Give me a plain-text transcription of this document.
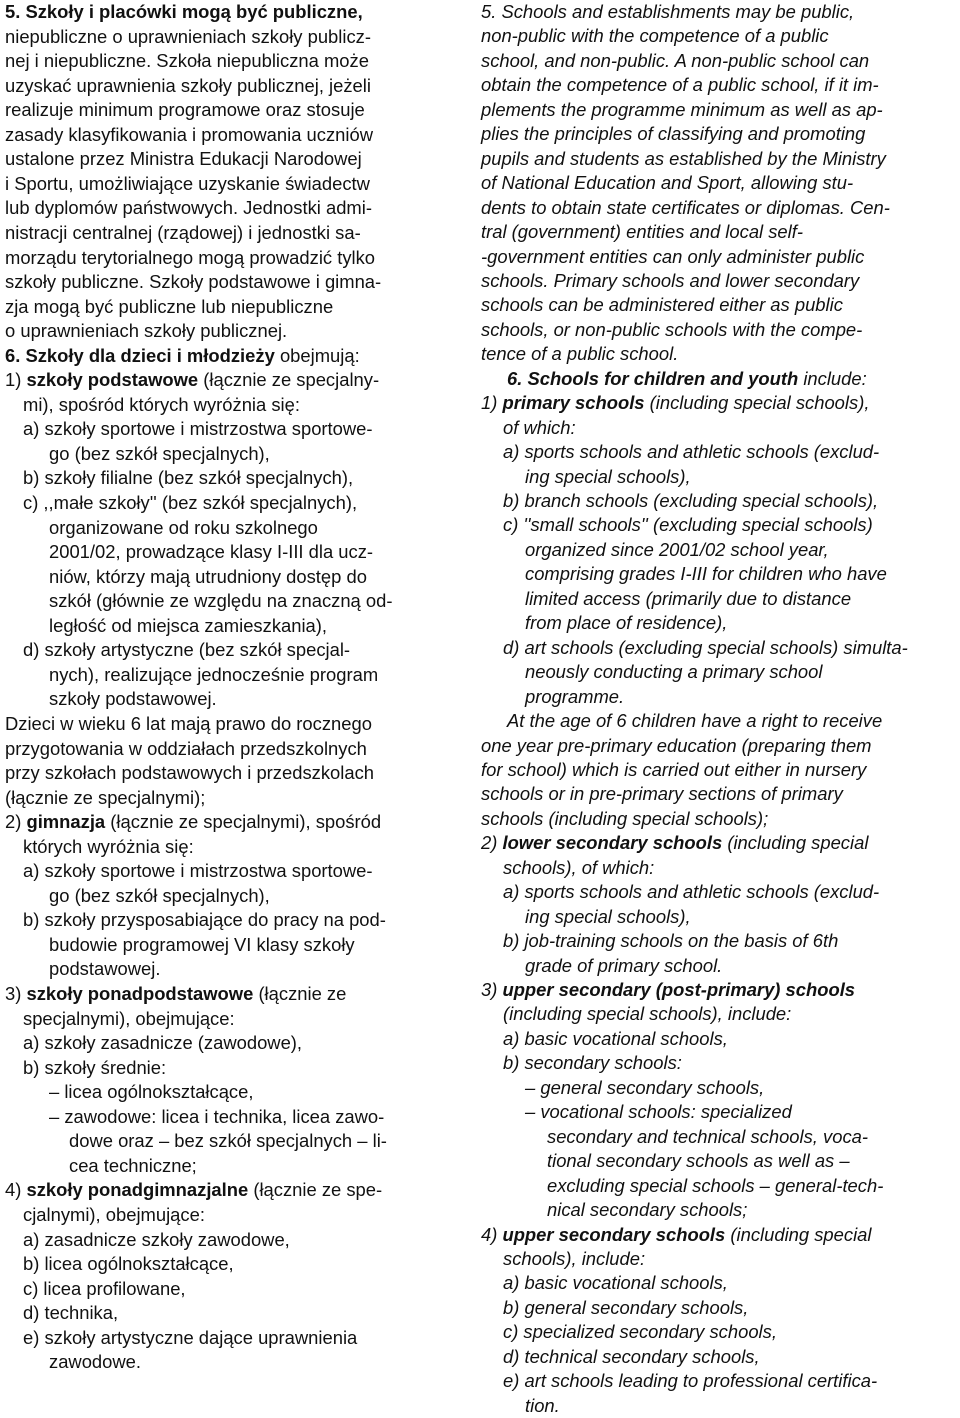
5. Szkoły i placówki mogą być publiczne,
niepubliczne o uprawnieniach szkoły publicz-
nej i niepubliczne. Szkoła niepubliczna może
uzyskać uprawnienia szkoły publicznej, jeżeli
realizuje minimum programowe oraz stosuje
zasady klasyfikowania i promowania uczniów
ustalone przez Ministra Edukacji Narodowej
i Sportu, umożliwiające uzyskanie świadectw
lub dyplomów państwowych. Jednostki admi-
nistracji centralnej (rządowej) i jednostki sa-
morządu terytorialnego mogą prowadzić tylko
szkoły publiczne. Szkoły podstawowe i gimna-
zja mogą być publiczne lub niepubliczne
o uprawnieniach szkoły publicznej.
6. Szkoły dla dzieci i młodzieży obejmują:
1) szkoły podstawowe (łącznie ze specjalny-
mi), spośród których wyróżnia się:
a) szkoły sportowe i mistrzostwa sportowe-
go (bez szkół specjalnych),
b) szkoły filialne (bez szkół specjalnych),
c) ,,małe szkoły'' (bez szkół specjalnych),
organizowane od roku szkolnego
2001/02, prowadzące klasy I-III dla ucz-
niów, którzy mają utrudniony dostęp do
szkół (głównie ze względu na znaczną od-
ległość od miejsca zamieszkania),
d) szkoły artystyczne (bez szkół specjal-
nych), realizujące jednocześnie program
szkoły podstawowej.
Dzieci w wieku 6 lat mają prawo do rocznego
przygotowania w oddziałach przedszkolnych
przy szkołach podstawowych i przedszkolach
(łącznie ze specjalnymi);
2) gimnazja (łącznie ze specjalnymi), spośród
których wyróżnia się:
a) szkoły sportowe i mistrzostwa sportowe-
go (bez szkół specjalnych),
b) szkoły przysposabiające do pracy na pod-
budowie programowej VI klasy szkoły
podstawowej.
3) szkoły ponadpodstawowe (łącznie ze
specjalnymi), obejmujące:
a) szkoły zasadnicze (zawodowe),
b) szkoły średnie:
– licea ogólnokształcące,
– zawodowe: licea i technika, licea zawo-
dowe oraz – bez szkół specjalnych – li-
cea techniczne;
4) szkoły ponadgimnazjalne (łącznie ze spe-
cjalnymi), obejmujące:
a) zasadnicze szkoły zawodowe,
b) licea ogólnokształcące,
c) licea profilowane,
d) technika,
e) szkoły artystyczne dające uprawnienia
zawodowe.
5. Schools and establishments may be public,
non-public with the competence of a public
school, and non-public. A non-public school can
obtain the competence of a public school, if it im-
plements the programme minimum as well as ap-
plies the principles of classifying and promoting
pupils and students as established by the Ministry
of National Education and Sport, allowing stu-
dents to obtain state certificates or diplomas. Cen-
tral (government) entities and local self-
-government entities can only administer public
schools. Primary schools and lower secondary
schools can be administered either as public
schools, or non-public schools with the compe-
tence of a public school.
6. Schools for children and youth include:
1) primary schools (including special schools),
of which:
a) sports schools and athletic schools (exclud-
ing special schools),
b) branch schools (excluding special schools),
c) ''small schools'' (excluding special schools)
organized since 2001/02 school year,
comprising grades I-III for children who have
limited access (primarily due to distance
from place of residence),
d) art schools (excluding special schools) simulta-
neously conducting a primary school
programme.
At the age of 6 children have a right to receive
one year pre-primary education (preparing them
for school) which is carried out either in nursery
schools or in pre-primary sections of primary
schools (including special schools);
2) lower secondary schools (including special
schools), of which:
a) sports schools and athletic schools (exclud-
ing special schools),
b) job-training schools on the basis of 6th
grade of primary school.
3) upper secondary (post-primary) schools
(including special schools), include:
a) basic vocational schools,
b) secondary schools:
– general secondary schools,
– vocational schools: specialized
secondary and technical schools, voca-
tional secondary schools as well as –
excluding special schools – general-tech-
nical secondary schools;
4) upper secondary schools (including special
schools), include:
a) basic vocational schools,
b) general secondary schools,
c) specialized secondary schools,
d) technical secondary schools,
e) art schools leading to professional certifica-
tion.
